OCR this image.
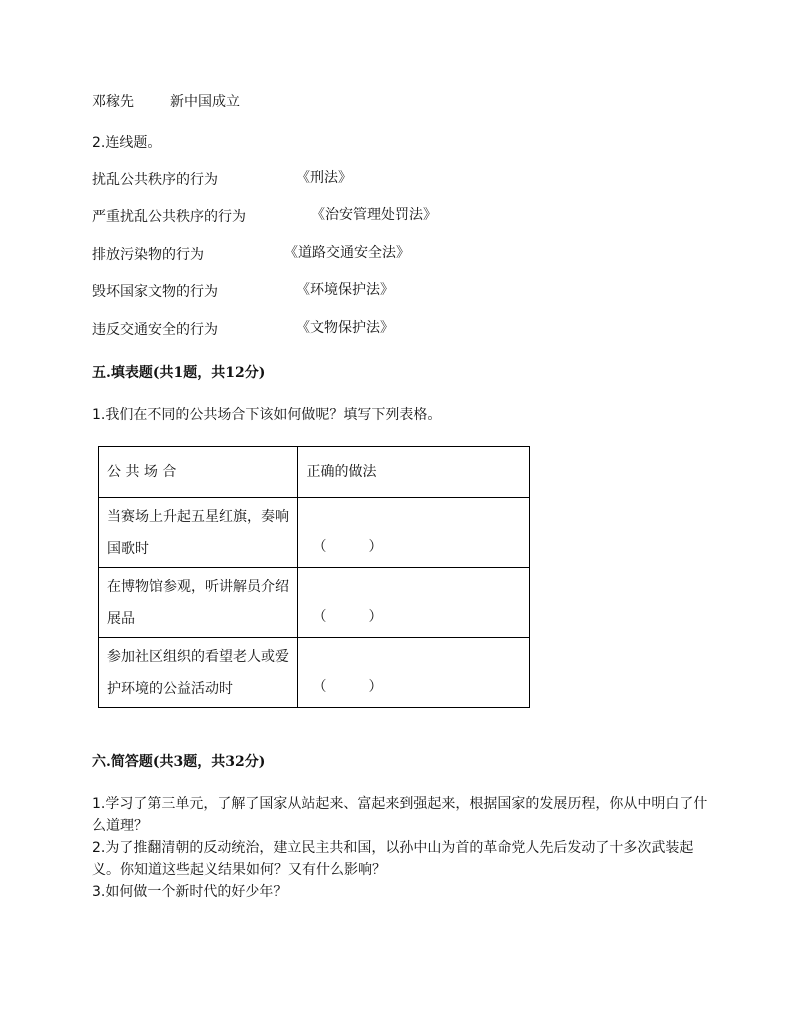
邓稼先	新中国成立
2.连线题。
扰乱公共秩序的行为	《刑法》
严重扰乱公共秩序的行为	《治安管理处罚法》
排放污染物的行为	《道路交通安全法》
毁坏国家文物的行为	《环境保护法》
违反交通安全的行为	《文物保护法》
五.填表题(共1题，共12分)
1.我们在不同的公共场合下该如何做呢？填写下列表格。
公 共 场 合	正确的做法

当赛场上升起五星红旗，奏响国歌时	（　　　）

在博物馆参观，听讲解员介绍展品	（　　　）

参加社区组织的看望老人或爱护环境的公益活动时	（　　　）
六.简答题(共3题，共32分)
1.学习了第三单元，了解了国家从站起来、富起来到强起来，根据国家的发展历程，你从中明白了什么道理？
2.为了推翻清朝的反动统治，建立民主共和国，以孙中山为首的革命党人先后发动了十多次武装起义。你知道这些起义结果如何？又有什么影响？
3.如何做一个新时代的好少年？
